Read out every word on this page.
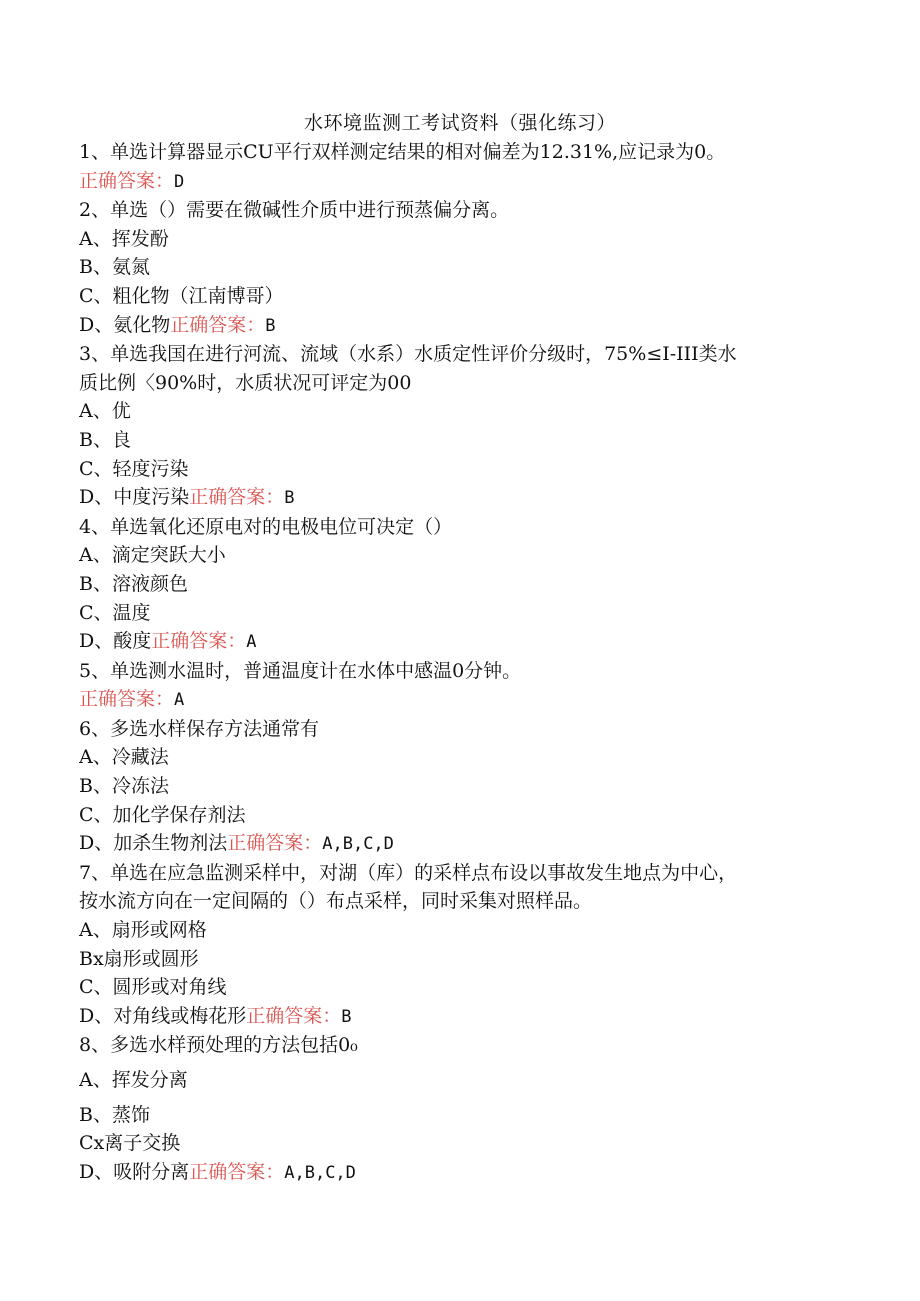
水环境监测工考试资料（强化练习）
1、单选计算器显示CU平行双样测定结果的相对偏差为12.31%,应记录为0。
正确答案：D
2、单选（）需要在微碱性介质中进行预蒸偏分离。
A、挥发酚
B、氨氮
C、粗化物（江南博哥）
D、氨化物正确答案：B
3、单选我国在进行河流、流域（水系）水质定性评价分级时，75%≤I-III类水
质比例〈90%时，水质状况可评定为00
A、优
B、良
C、轻度污染
D、中度污染正确答案：B
4、单选氧化还原电对的电极电位可决定（）
A、滴定突跃大小
B、溶液颜色
C、温度
D、酸度正确答案：A
5、单选测水温时，普通温度计在水体中感温0分钟。
正确答案：A
6、多选水样保存方法通常有
A、冷藏法
B、冷冻法
C、加化学保存剂法
D、加杀生物剂法正确答案：A,B,C,D
7、单选在应急监测采样中，对湖（库）的采样点布设以事故发生地点为中心，
按水流方向在一定间隔的（）布点采样，同时采集对照样品。
A、扇形或网格
Bx扇形或圆形
C、圆形或对角线
D、对角线或梅花形正确答案：B
8、多选水样预处理的方法包括0₀
A、挥发分离
B、蒸饰
Cx离子交换
D、吸附分离正确答案：A,B,C,D
